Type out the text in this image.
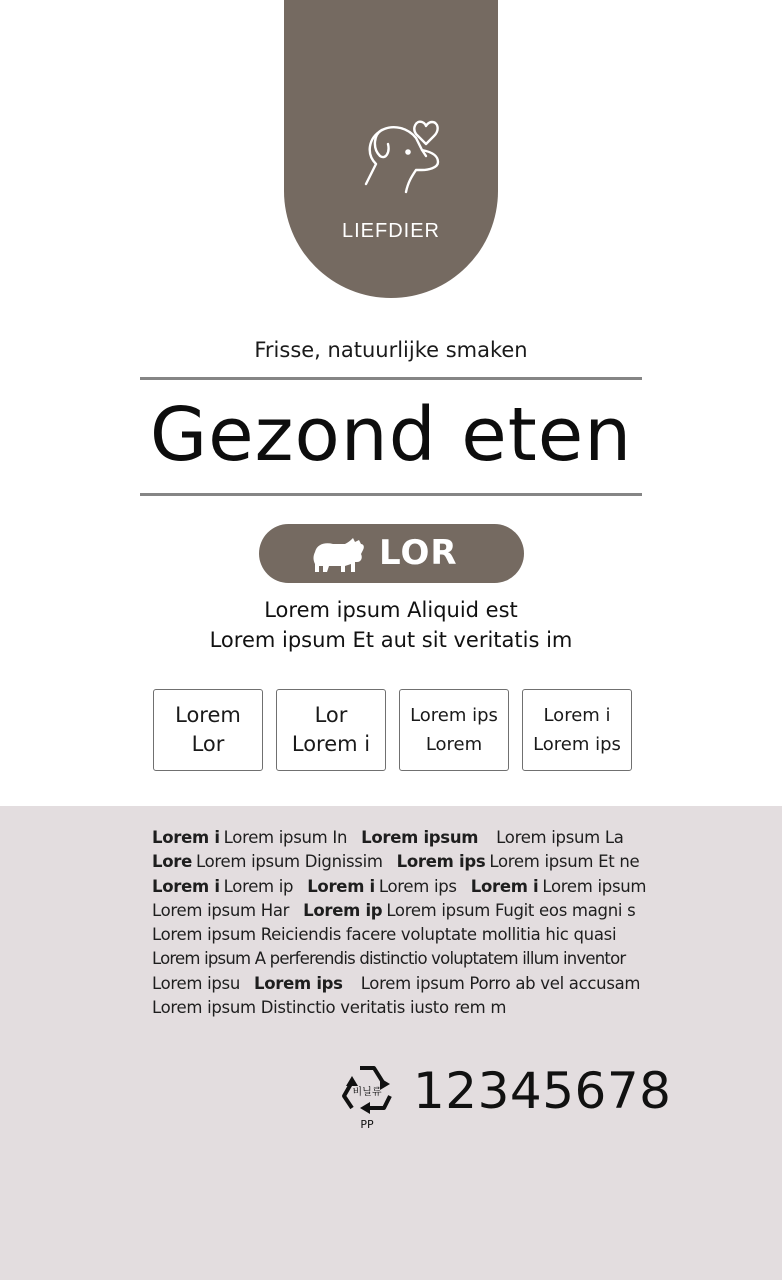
LIEFDIER
Frisse, natuurlijke smaken
Gezond eten
LOR
Lorem ipsum Aliquid est
Lorem ipsum Et aut sit veritatis im
Lorem
Lor
Lor
Lorem i
Lorem ips
Lorem
Lorem i
Lorem ips
Lorem i Lorem ipsum In Lorem ipsum Lorem ipsum La
Lore Lorem ipsum Dignissim Lorem ips Lorem ipsum Et ne
Lorem i Lorem ip Lorem i Lorem ips Lorem i Lorem ipsum
Lorem ipsum Har Lorem ip Lorem ipsum Fugit eos magni s
Lorem ipsum Reiciendis facere voluptate mollitia hic quasi
Lorem ipsum A perferendis distinctio voluptatem illum inventor
Lorem ipsu Lorem ips Lorem ipsum Porro ab vel accusam
Lorem ipsum Distinctio veritatis iusto rem m
비닐류
PP
12345678
